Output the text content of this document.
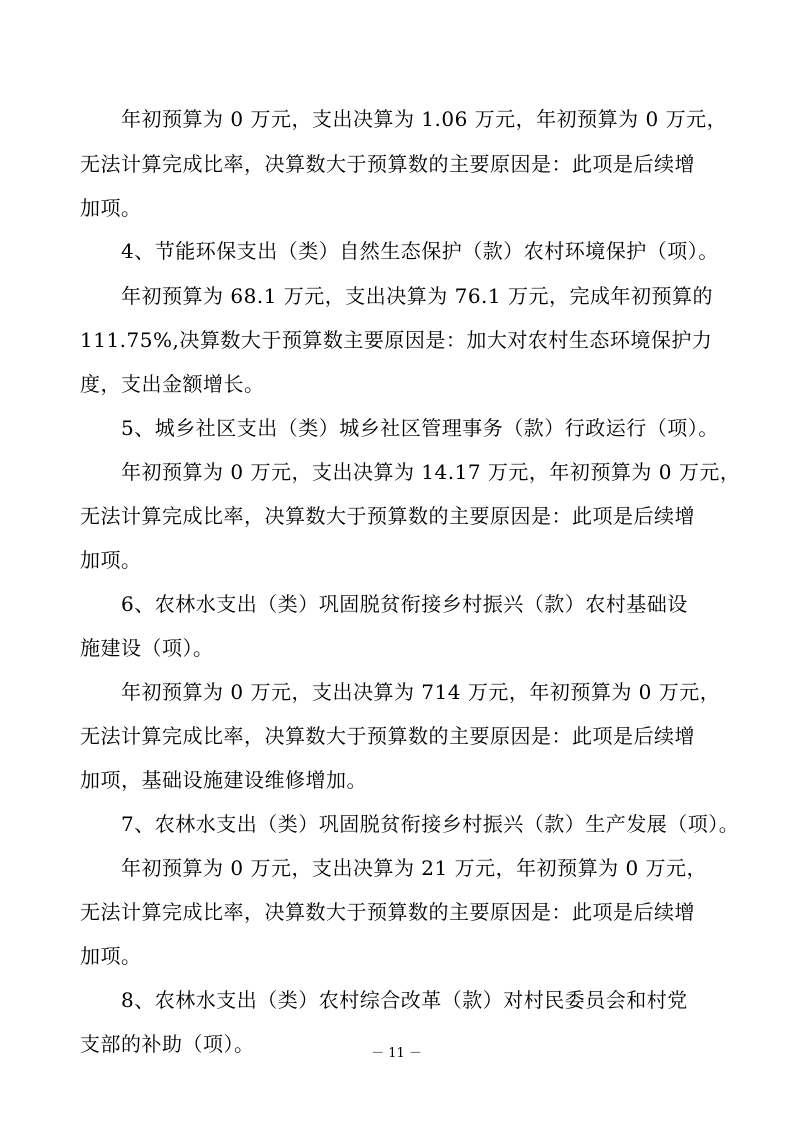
年初预算为 0 万元，支出决算为 1.06 万元，年初预算为 0 万元，
无法计算完成比率，决算数大于预算数的主要原因是：此项是后续增
加项。
4、节能环保支出（类）自然生态保护（款）农村环境保护（项）。
年初预算为 68.1 万元，支出决算为 76.1 万元，完成年初预算的
111.75%,决算数大于预算数主要原因是：加大对农村生态环境保护力
度，支出金额增长。
5、城乡社区支出（类）城乡社区管理事务（款）行政运行（项）。
年初预算为 0 万元，支出决算为 14.17 万元，年初预算为 0 万元，
无法计算完成比率，决算数大于预算数的主要原因是：此项是后续增
加项。
6、农林水支出（类）巩固脱贫衔接乡村振兴（款）农村基础设
施建设（项）。
年初预算为 0 万元，支出决算为 714 万元，年初预算为 0 万元，
无法计算完成比率，决算数大于预算数的主要原因是：此项是后续增
加项，基础设施建设维修增加。
7、农林水支出（类）巩固脱贫衔接乡村振兴（款）生产发展（项）。
年初预算为 0 万元，支出决算为 21 万元，年初预算为 0 万元，
无法计算完成比率，决算数大于预算数的主要原因是：此项是后续增
加项。
8、农林水支出（类）农村综合改革（款）对村民委员会和村党
支部的补助（项）。	－ 11 －
